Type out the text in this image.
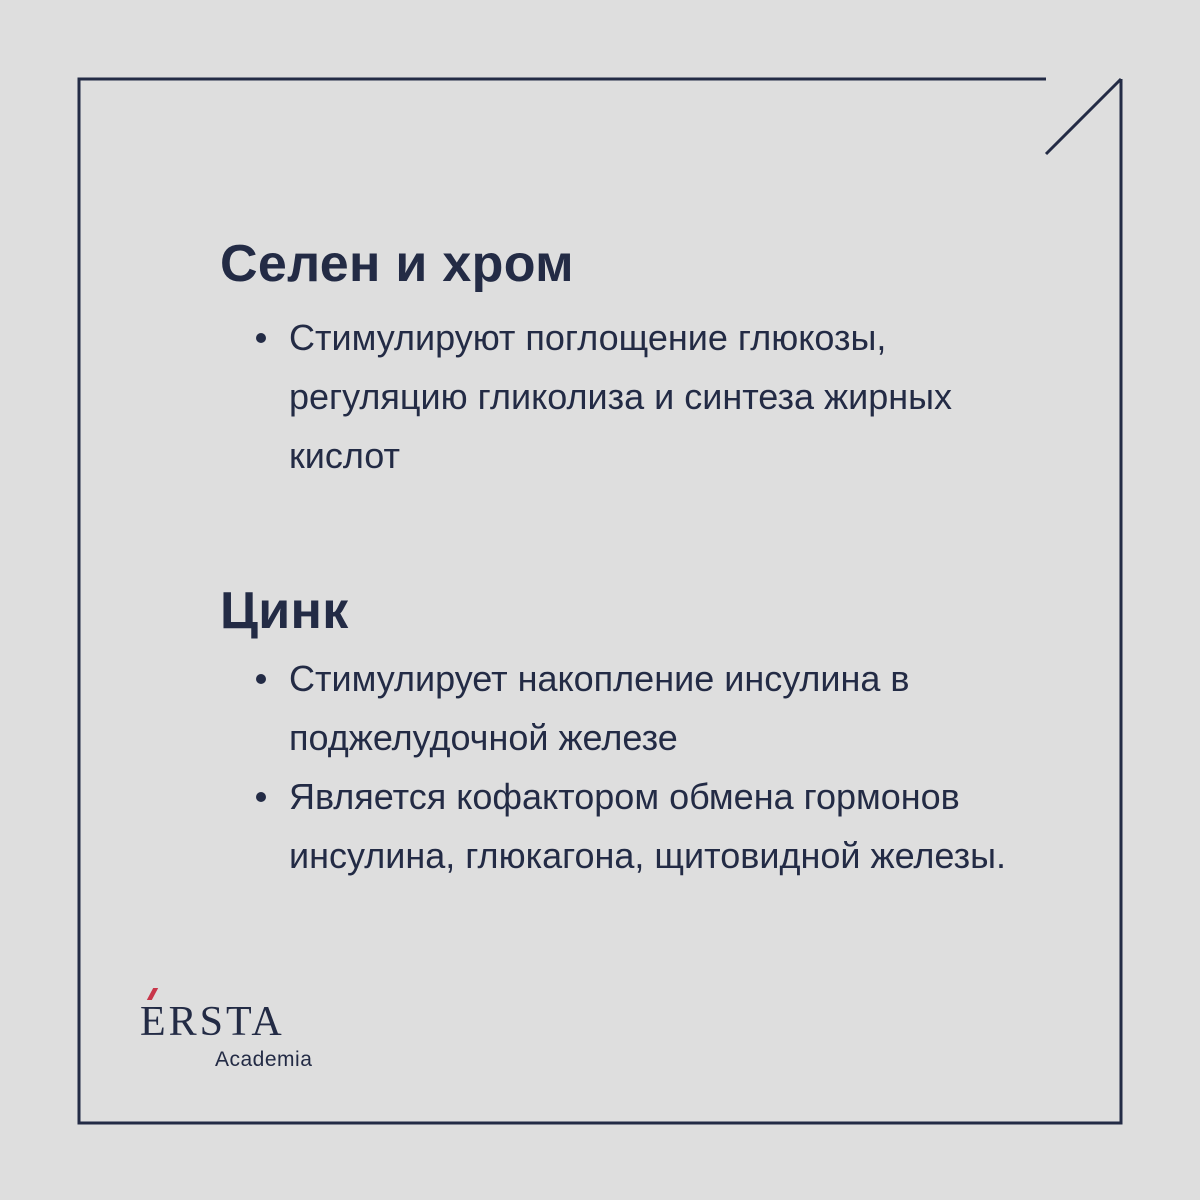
Селен и хром
Стимулируют поглощение глюкозы, регуляцию гликолиза и синтеза жирных кислот
Цинк
Стимулирует накопление инсулина в поджелудочной железе
Является кофактором обмена гормонов инсулина, глюкагона, щитовидной железы.
ERSTA
Academia
